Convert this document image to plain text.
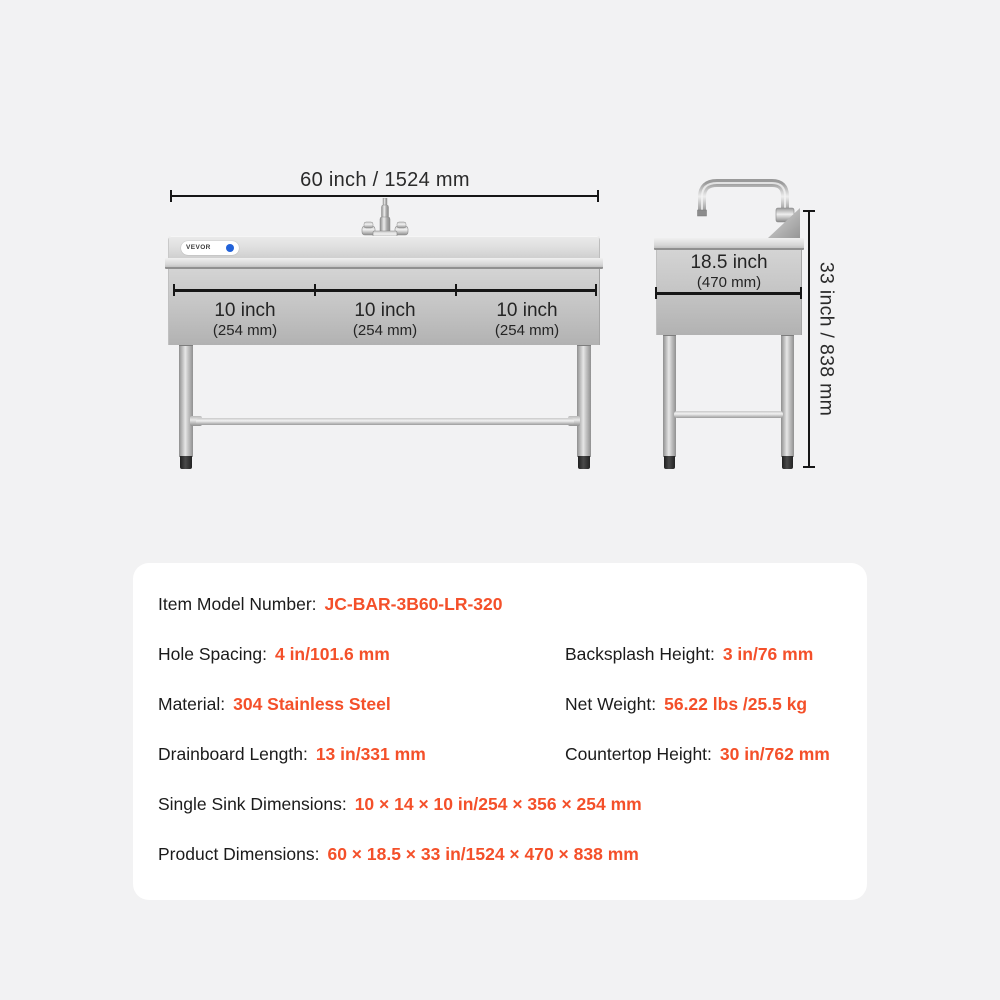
60 inch / 1524 mm
VEVOR
10 inch
(254 mm)
10 inch
(254 mm)
10 inch
(254 mm)
18.5 inch
(470 mm)	33 inch / 838 mm
Item Model Number: JC-BAR-3B60-LR-320
Hole Spacing: 4 in/101.6 mm	Backsplash Height: 3 in/76 mm
Material: 304 Stainless Steel	Net Weight: 56.22 lbs /25.5 kg
Drainboard Length: 13 in/331 mm	Countertop Height: 30 in/762 mm
Single Sink Dimensions: 10 × 14 × 10 in/254 × 356 × 254 mm
Product Dimensions: 60 × 18.5 × 33 in/1524 × 470 × 838 mm
